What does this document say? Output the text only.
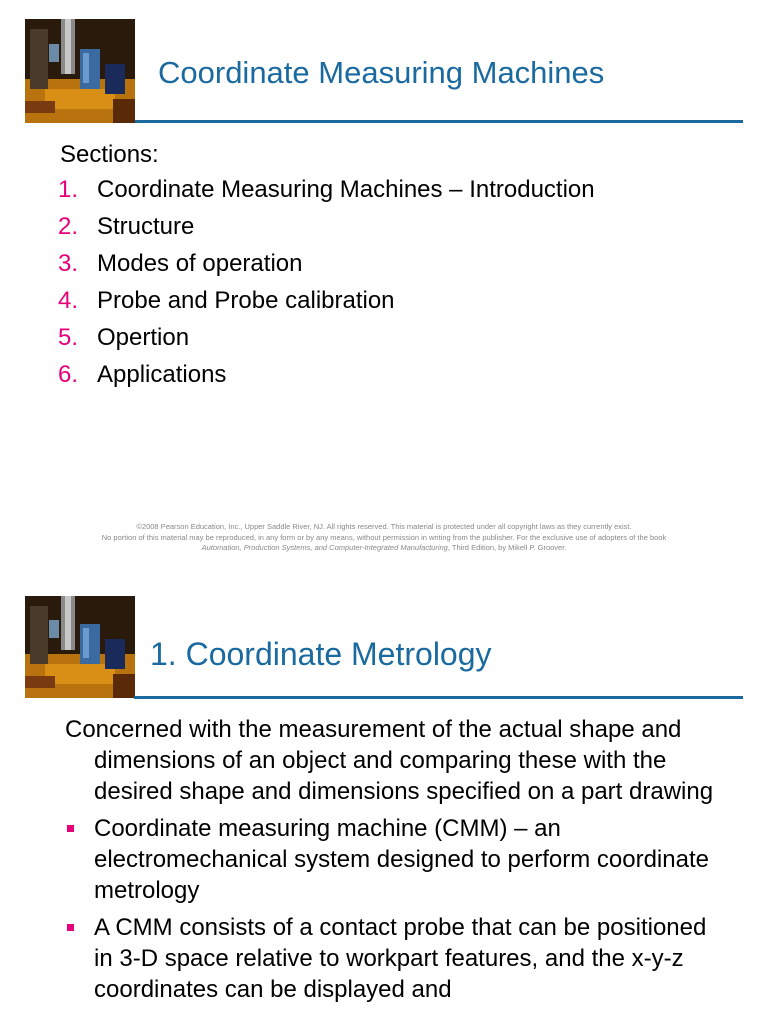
Coordinate Measuring Machines
Sections:
1. Coordinate Measuring Machines – Introduction
2. Structure
3. Modes of operation
4. Probe and Probe calibration
5. Opertion
6. Applications
©2008 Pearson Education, Inc., Upper Saddle River, NJ. All rights reserved. This material is protected under all copyright laws as they currently exist.
No portion of this material may be reproduced, in any form or by any means, without permission in writing from the publisher. For the exclusive use of adopters of the book
Automation, Production Systems, and Computer-Integrated Manufacturing, Third Edition, by Mikell P. Groover.
1. Coordinate Metrology

Concerned with the measurement of the actual shape and dimensions of an object and comparing these with the desired shape and dimensions specified on a part drawing

Coordinate measuring machine (CMM) – an electromechanical system designed to perform coordinate metrology
A CMM consists of a contact probe that can be positioned in 3-D space relative to workpart features, and the x-y-z coordinates can be displayed and
